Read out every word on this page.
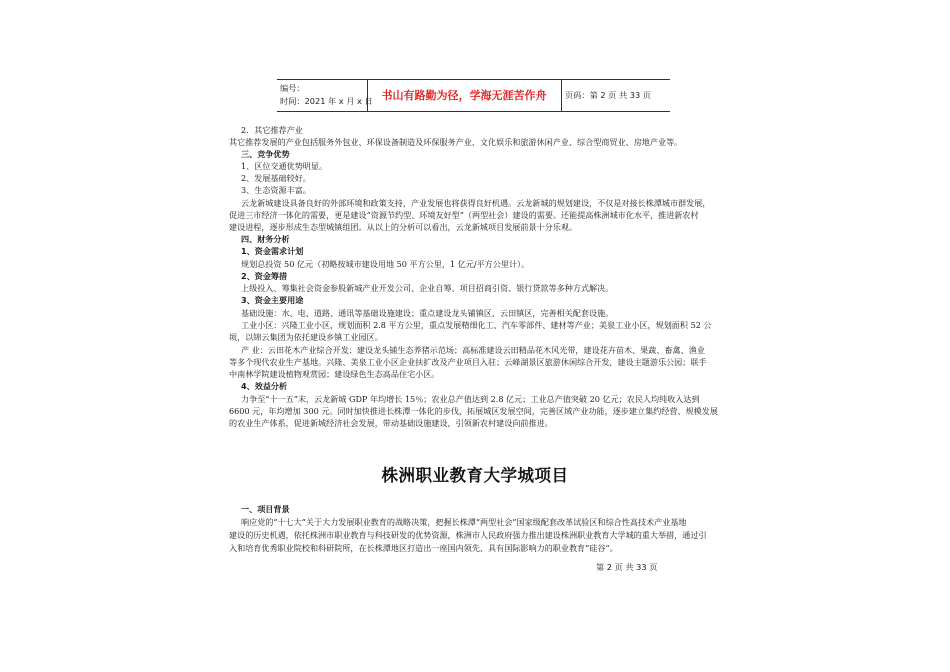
编号：
时间：2021 年 x 月 x 日 书山有路勤为径，学海无涯苦作舟	页码：第 2 页 共 33 页
2．其它推荐产业
其它推荐发展的产业包括服务外包业、环保设备制造及环保服务产业、文化娱乐和旅游休闲产业、综合型商贸业、房地产业等。
三、竞争优势
1、区位交通优势明显。
2、发展基础较好。
3、生态资源丰富。
云龙新城建设具备良好的外部环境和政策支持，产业发展也将获得良好机遇。云龙新城的规划建设，不仅是对接长株潭城市群发展，
促进三市经济一体化的需要，更是建设“资源节约型、环境友好型”（两型社会）建设的需要。还能提高株洲城市化水平，推进新农村
建设进程，逐步形成生态型城镇组团。从以上的分析可以看出，云龙新城项目发展前景十分乐观。
四、财务分析
1、资金需求计划
规划总投资 50 亿元（初略按城市建设用地 50 平方公里，1 亿元/平方公里计）。
2、资金筹措
上级投入、筹集社会资金参股新城产业开发公司、企业自筹、项目招商引资、银行贷款等多种方式解决。
3、资金主要用途
基础设施：水、电、道路、通讯等基础设施建设；重点建设龙头铺镇区、云田镇区，完善相关配套设施。
工业小区：兴隆工业小区，规划面积 2.8 平方公里，重点发展精细化工、汽车零部件、建材等产业；美泉工业小区，规划面积 52 公
顷，以锦云集团为依托建设乡镇工业园区。
产 业：云田花木产业综合开发；建设龙头铺生态养猪示范场；高标准建设云田精品花木风光带，建设花卉苗木、果蔬、畜禽、渔业
等多个现代农业生产基地。兴隆、美泉工业小区企业扶扩改及产业项目入驻；云峰湖景区旅游休闲综合开发，建设主题游乐公园；联手
中南林学院建设植物观赏园；建设绿色生态高品住宅小区。
4、效益分析
力争至“十一五”末，云龙新城 GDP 年均增长 15％；农业总产值达到 2.8 亿元；工业总产值突破 20 亿元；农民人均纯收入达到
6600 元，年均增加 300 元。同时加快推进长株潭一体化的步伐，拓展城区发展空间，完善区域产业功能，逐步建立集约经营、规模发展
的农业生产体系，促进新城经济社会发展，带动基础设施建设，引领新农村建设向前推进。
株洲职业教育大学城项目
一、项目背景
响应党的“十七大”关于大力发展职业教育的战略决策，把握长株潭“两型社会”国家级配套改革试验区和综合性高技术产业基地
建设的历史机遇，依托株洲市职业教育与科技研发的优势资源，株洲市人民政府强力推出建设株洲职业教育大学城的重大举措，通过引
入和培育优秀职业院校和科研院所，在长株潭地区打造出一座国内领先、具有国际影响力的职业教育“硅谷”。
第 2 页 共 33 页
